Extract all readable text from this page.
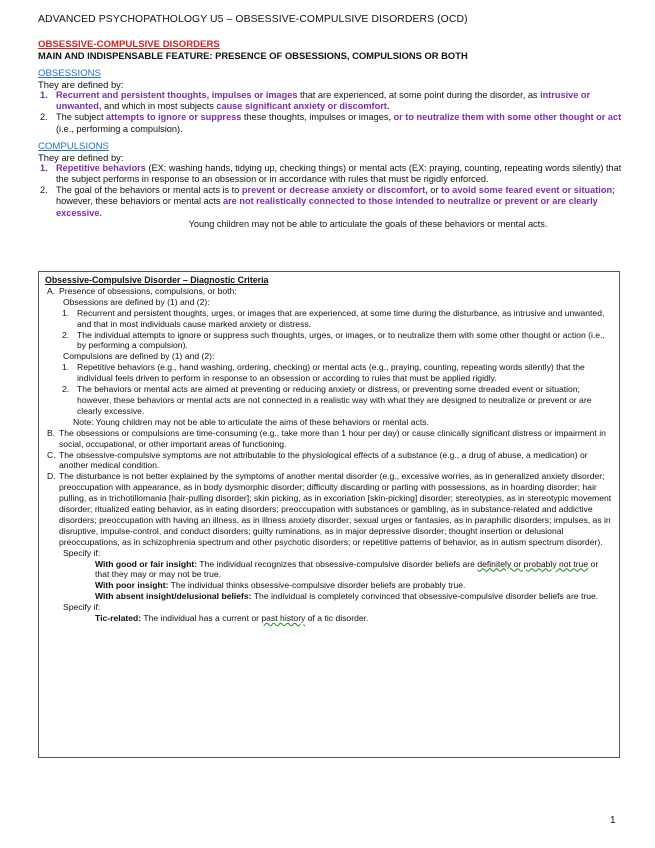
ADVANCED PSYCHOPATHOLOGY U5 – OBSESSIVE-COMPULSIVE DISORDERS (OCD)
OBSESSIVE-COMPULSIVE DISORDERS
MAIN AND INDISPENSABLE FEATURE: PRESENCE OF OBSESSIONS, COMPULSIONS OR BOTH
OBSESSIONS
They are defined by:
1. Recurrent and persistent thoughts, impulses or images that are experienced, at some point during the disorder, as intrusive or unwanted, and which in most subjects cause significant anxiety or discomfort.
2. The subject attempts to ignore or suppress these thoughts, impulses or images, or to neutralize them with some other thought or act (i.e., performing a compulsion).
COMPULSIONS
They are defined by:
1. Repetitive behaviors (EX: washing hands, tidying up, checking things) or mental acts (EX: praying, counting, repeating words silently) that the subject performs in response to an obsession or in accordance with rules that must be rigidly enforced.
2. The goal of the behaviors or mental acts is to prevent or decrease anxiety or discomfort, or to avoid some feared event or situation; however, these behaviors or mental acts are not realistically connected to those intended to neutralize or prevent or are clearly excessive.
Young children may not be able to articulate the goals of these behaviors or mental acts.
Obsessive-Compulsive Disorder – Diagnostic Criteria
A. Presence of obsessions, compulsions, or both:
Obsessions are defined by (1) and (2):
1. Recurrent and persistent thoughts, urges, or images that are experienced, at some time during the disturbance, as intrusive and unwanted, and that in most individuals cause marked anxiety or distress.
2. The individual attempts to ignore or suppress such thoughts, urges, or images, or to neutralize them with some other thought or action (i.e., by performing a compulsion).
Compulsions are defined by (1) and (2):
1. Repetitive behaviors (e.g., hand washing, ordering, checking) or mental acts (e.g., praying, counting, repeating words silently) that the individual feels driven to perform in response to an obsession or according to rules that must be applied rigidly.
2. The behaviors or mental acts are aimed at preventing or reducing anxiety or distress, or preventing some dreaded event or situation; however, these behaviors or mental acts are not connected in a realistic way with what they are designed to neutralize or prevent or are clearly excessive.
Note: Young children may not be able to articulate the aims of these behaviors or mental acts.
B. The obsessions or compulsions are time-consuming (e.g., take more than 1 hour per day) or cause clinically significant distress or impairment in social, occupational, or other important areas of functioning.
C. The obsessive-compulsive symptoms are not attributable to the physiological effects of a substance (e.g., a drug of abuse, a medication) or another medical condition.
D. The disturbance is not better explained by the symptoms of another mental disorder (e.g., excessive worries, as in generalized anxiety disorder; preoccupation with appearance, as in body dysmorphic disorder; difficulty discarding or parting with possessions, as in hoarding disorder; hair pulling, as in trichotillomania [hair-pulling disorder]; skin picking, as in excoriation [skin-picking] disorder; stereotypies, as in stereotypic movement disorder; ritualized eating behavior, as in eating disorders; preoccupation with substances or gambling, as in substance-related and addictive disorders; preoccupation with having an illness, as in illness anxiety disorder; sexual urges or fantasies, as in paraphilic disorders; impulses, as in disruptive, impulse-control, and conduct disorders; guilty ruminations, as in major depressive disorder; thought insertion or delusional preoccupations, as in schizophrenia spectrum and other psychotic disorders; or repetitive patterns of behavior, as in autism spectrum disorder).
Specify if:
With good or fair insight: The individual recognizes that obsessive-compulsive disorder beliefs are definitely or probably not true or that they may or may not be true.
With poor insight: The individual thinks obsessive-compulsive disorder beliefs are probably true.
With absent insight/delusional beliefs: The individual is completely convinced that obsessive-compulsive disorder beliefs are true.
Specify if:
Tic-related: The individual has a current or past history of a tic disorder.
1
